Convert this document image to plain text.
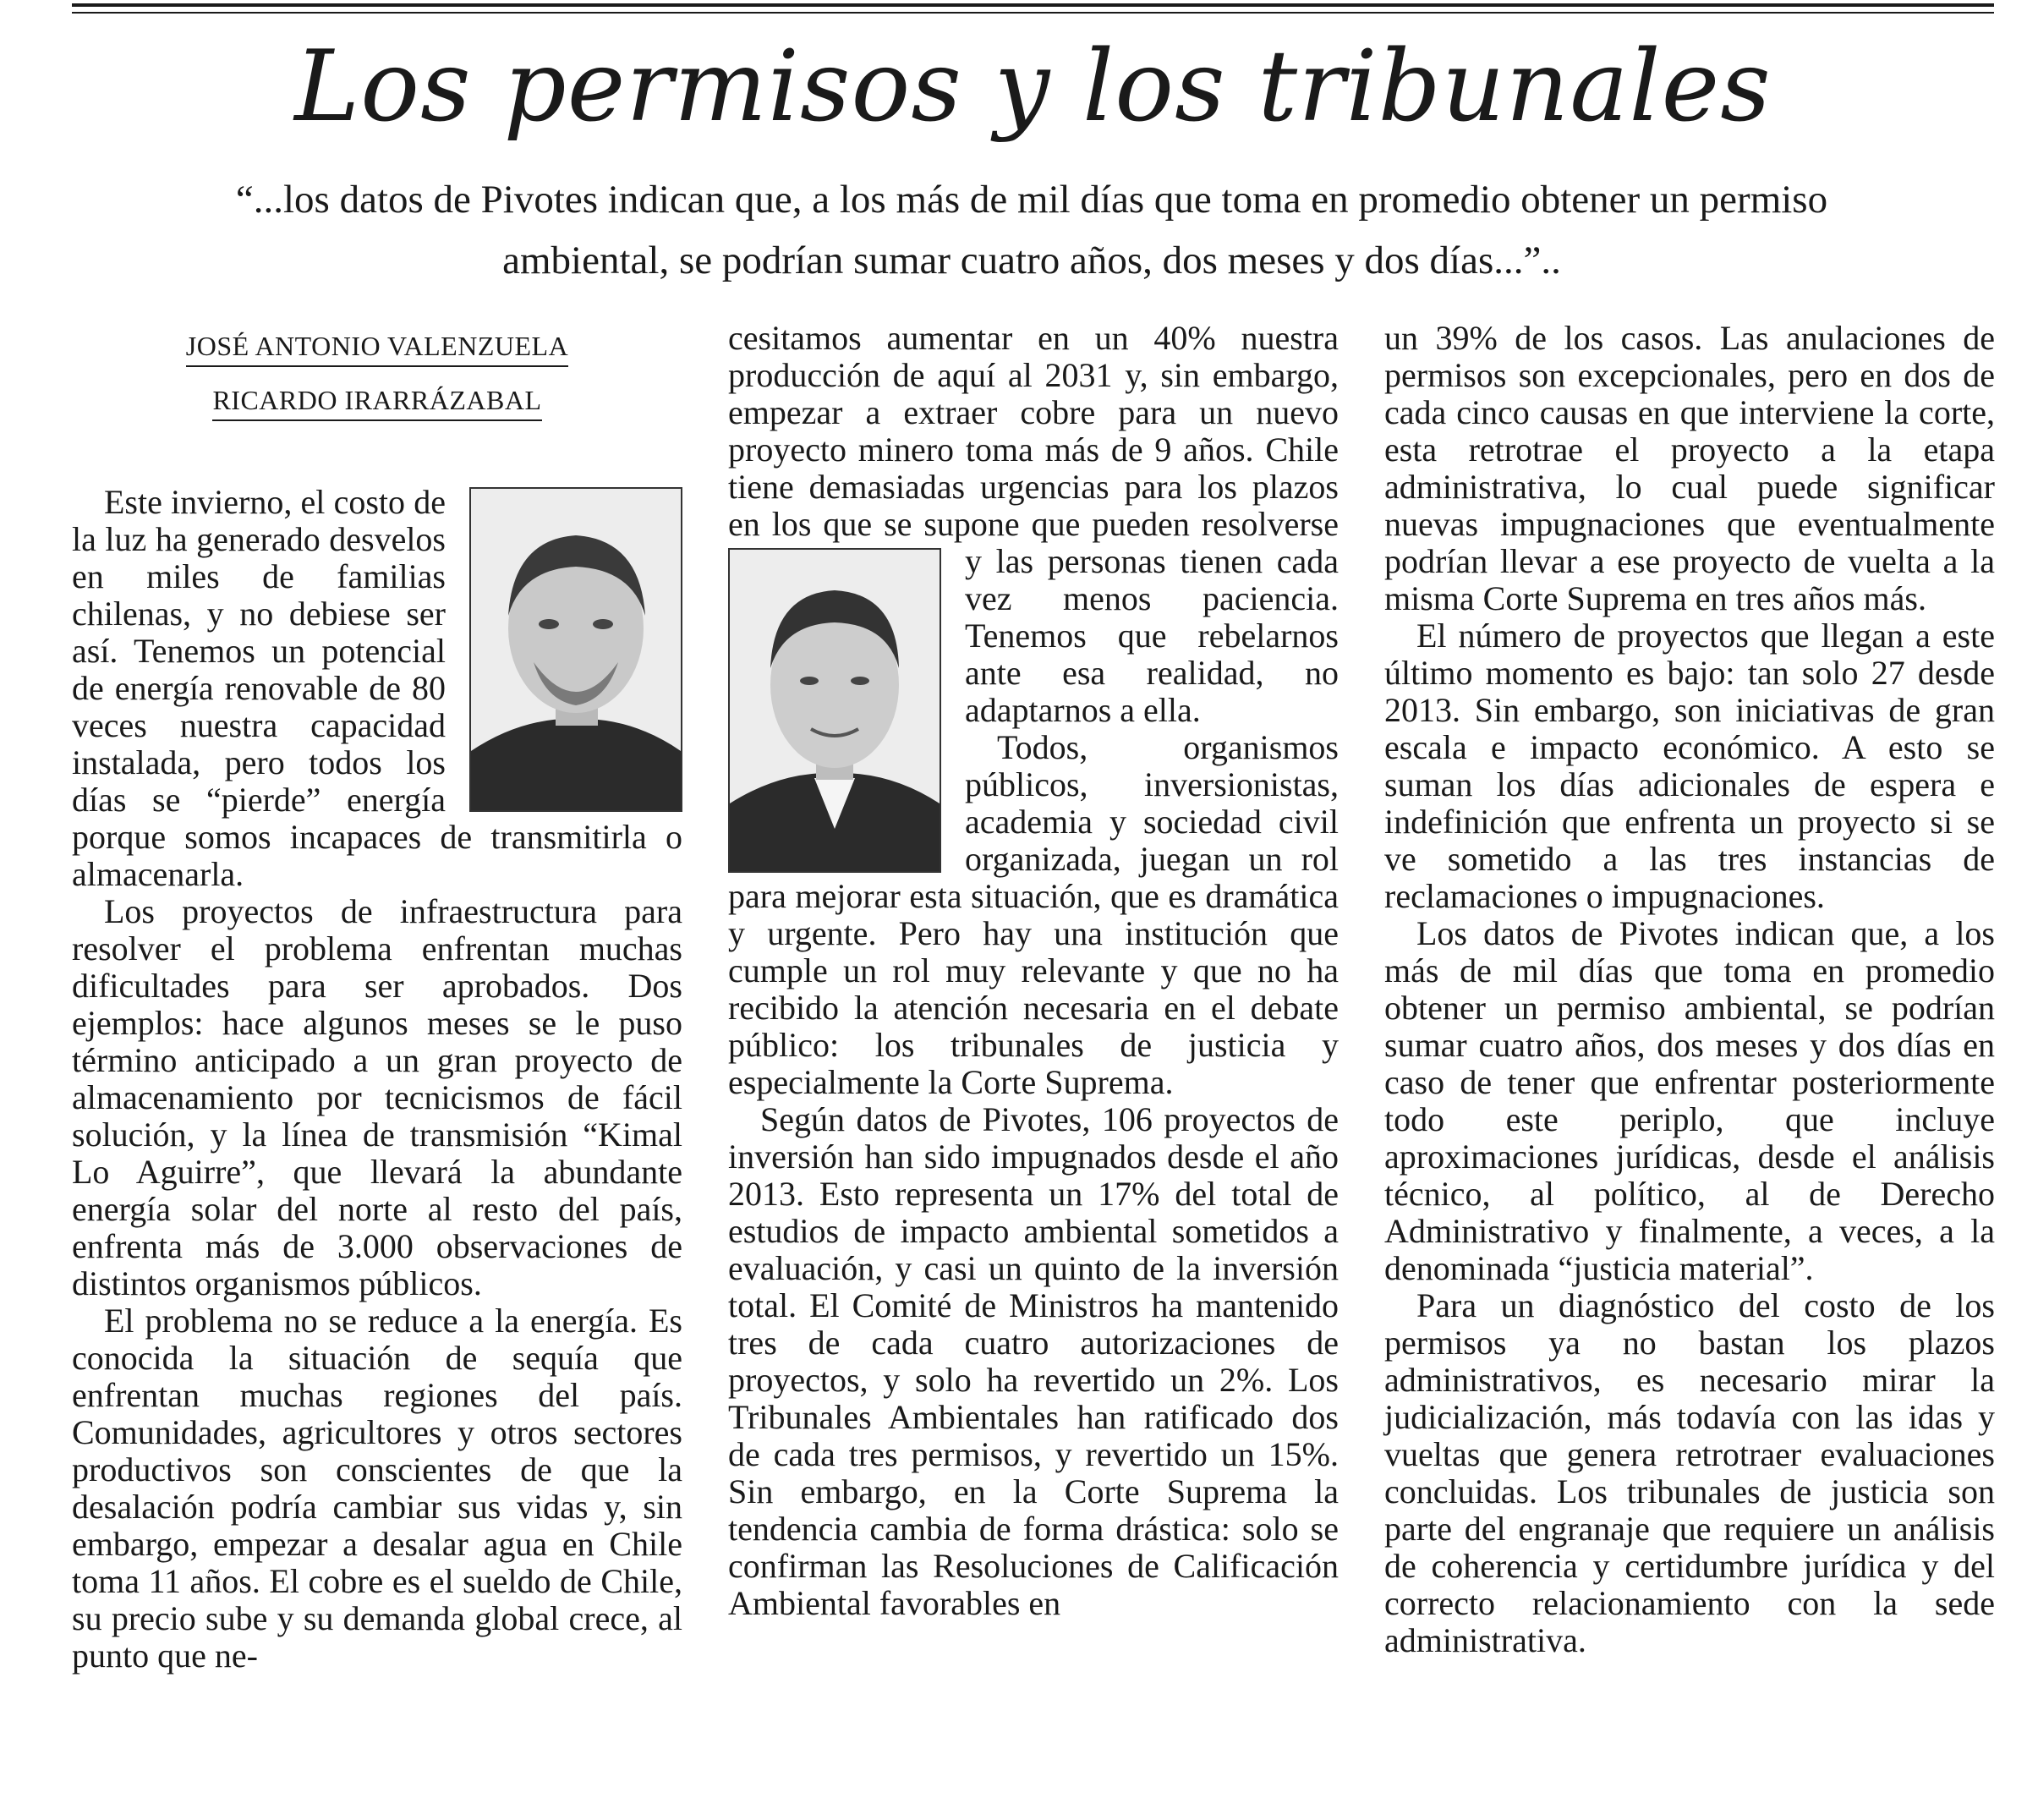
Los permisos y los tribunales

“...los datos de Pivotes indican que, a los más de mil días que toma en promedio obtener un permiso ambiental, se podrían sumar cuatro años, dos meses y dos días...”..

JOSÉ ANTONIO VALENZUELA
RICARDO IRARRÁZABAL

Este invierno, el costo de la luz ha generado desvelos en miles de familias chilenas, y no debiese ser así. Tenemos un potencial de energía renovable de 80 veces nuestra capacidad instalada, pero todos los días se “pierde” energía porque somos incapaces de transmitirla o almacenarla.

Los proyectos de infraestructura para resolver el problema enfrentan muchas dificultades para ser aprobados. Dos ejemplos: hace algunos meses se le puso término anticipado a un gran proyecto de almacenamiento por tecnicismos de fácil solución, y la línea de transmisión “Kimal Lo Aguirre”, que llevará la abundante energía solar del norte al resto del país, enfrenta más de 3.000 observaciones de distintos organismos públicos.

El problema no se reduce a la energía. Es conocida la situación de sequía que enfrentan muchas regiones del país. Comunidades, agricultores y otros sectores productivos son conscientes de que la desalación podría cambiar sus vidas y, sin embargo, empezar a desalar agua en Chile toma 11 años. El cobre es el sueldo de Chile, su precio sube y su demanda global crece, al punto que ne-

cesitamos aumentar en un 40% nuestra producción de aquí al 2031 y, sin embargo, empezar a extraer cobre para un nuevo proyecto minero toma más de 9 años. Chile tiene demasiadas urgencias para los plazos en los que se supone que pueden resolverse y las personas tienen cada vez menos paciencia. Tenemos que rebelarnos ante esa realidad, no adaptarnos a ella.

Todos, organismos públicos, inversionistas, academia y sociedad civil organizada, juegan un rol para mejorar esta situación, que es dramática y urgente. Pero hay una institución que cumple un rol muy relevante y que no ha recibido la atención necesaria en el debate público: los tribunales de justicia y especialmente la Corte Suprema.

Según datos de Pivotes, 106 proyectos de inversión han sido impugnados desde el año 2013. Esto representa un 17% del total de estudios de impacto ambiental sometidos a evaluación, y casi un quinto de la inversión total. El Comité de Ministros ha mantenido tres de cada cuatro autorizaciones de proyectos, y solo ha revertido un 2%. Los Tribunales Ambientales han ratificado dos de cada tres permisos, y revertido un 15%. Sin embargo, en la Corte Suprema la tendencia cambia de forma drástica: solo se confirman las Resoluciones de Calificación Ambiental favorables en

un 39% de los casos. Las anulaciones de permisos son excepcionales, pero en dos de cada cinco causas en que interviene la corte, esta retrotrae el proyecto a la etapa administrativa, lo cual puede significar nuevas impugnaciones que eventualmente podrían llevar a ese proyecto de vuelta a la misma Corte Suprema en tres años más.

El número de proyectos que llegan a este último momento es bajo: tan solo 27 desde 2013. Sin embargo, son iniciativas de gran escala e impacto económico. A esto se suman los días adicionales de espera e indefinición que enfrenta un proyecto si se ve sometido a las tres instancias de reclamaciones o impugnaciones.

Los datos de Pivotes indican que, a los más de mil días que toma en promedio obtener un permiso ambiental, se podrían sumar cuatro años, dos meses y dos días en caso de tener que enfrentar posteriormente todo este periplo, que incluye aproximaciones jurídicas, desde el análisis técnico, al político, al de Derecho Administrativo y finalmente, a veces, a la denominada “justicia material”.

Para un diagnóstico del costo de los permisos ya no bastan los plazos administrativos, es necesario mirar la judicialización, más todavía con las idas y vueltas que genera retrotraer evaluaciones concluidas. Los tribunales de justicia son parte del engranaje que requiere un análisis de coherencia y certidumbre jurídica y del correcto relacionamiento con la sede administrativa.
